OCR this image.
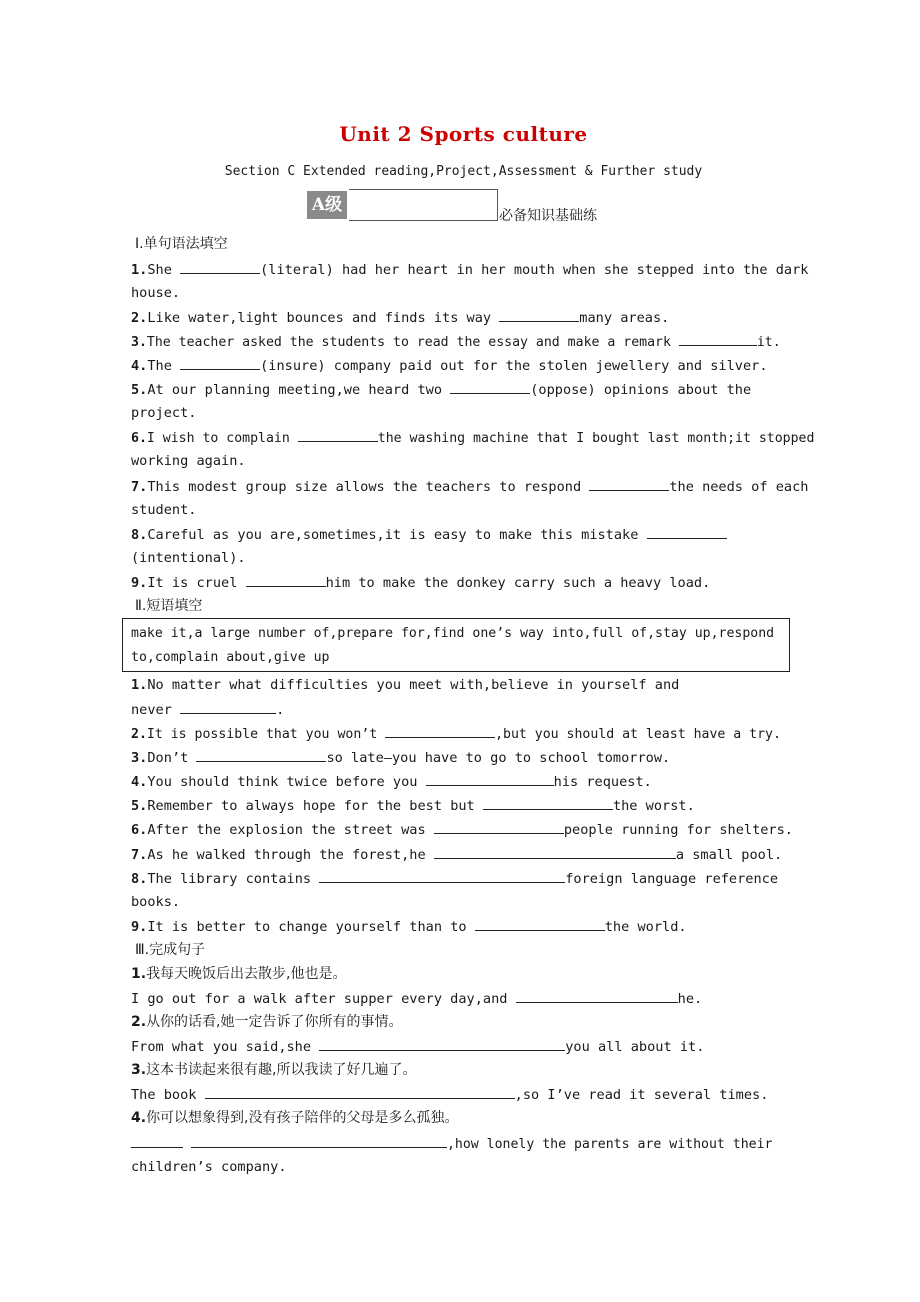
Unit 2 Sports culture
Section C Extended reading,Project,Assessment & Further study
A级
必备知识基础练
Ⅰ.单句语法填空
1.She	(literal) had her heart in her mouth when she stepped into the dark
house.
2.Like water,light bounces and finds its way	many areas.
3.The teacher asked the students to read the essay and make a remark	it.
4.The	(insure) company paid out for the stolen jewellery and silver.
5.At our planning meeting,we heard two	(oppose) opinions about the
project.
6.I wish to complain	the washing machine that I bought last month;it stopped
working again.
7.This modest group size allows the teachers to respond	the needs of each
student.
8.Careful as you are,sometimes,it is easy to make this mistake
(intentional).
9.It is cruel	him to make the donkey carry such a heavy load.
Ⅱ.短语填空
make it,a large number of,prepare for,find one’s way into,full of,stay up,respond
to,complain about,give up
1.No matter what difficulties you meet with,believe in yourself and
never	.
2.It is possible that you won’t	,but you should at least have a try.
3.Don’t	so late—you have to go to school tomorrow.
4.You should think twice before you	his request.
5.Remember to always hope for the best but	the worst.
6.After the explosion the street was	people running for shelters.
7.As he walked through the forest,he	a small pool.
8.The library contains	foreign language reference
books.
9.It is better to change yourself than to	the world.
Ⅲ.完成句子
1.我每天晚饭后出去散步,他也是。
I go out for a walk after supper every day,and	he.
2.从你的话看,她一定告诉了你所有的事情。
From what you said,she	you all about it.
3.这本书读起来很有趣,所以我读了好几遍了。
The book	,so I’ve read it several times.
4.你可以想象得到,没有孩子陪伴的父母是多么孤独。
,how lonely the parents are without their
children’s company.
